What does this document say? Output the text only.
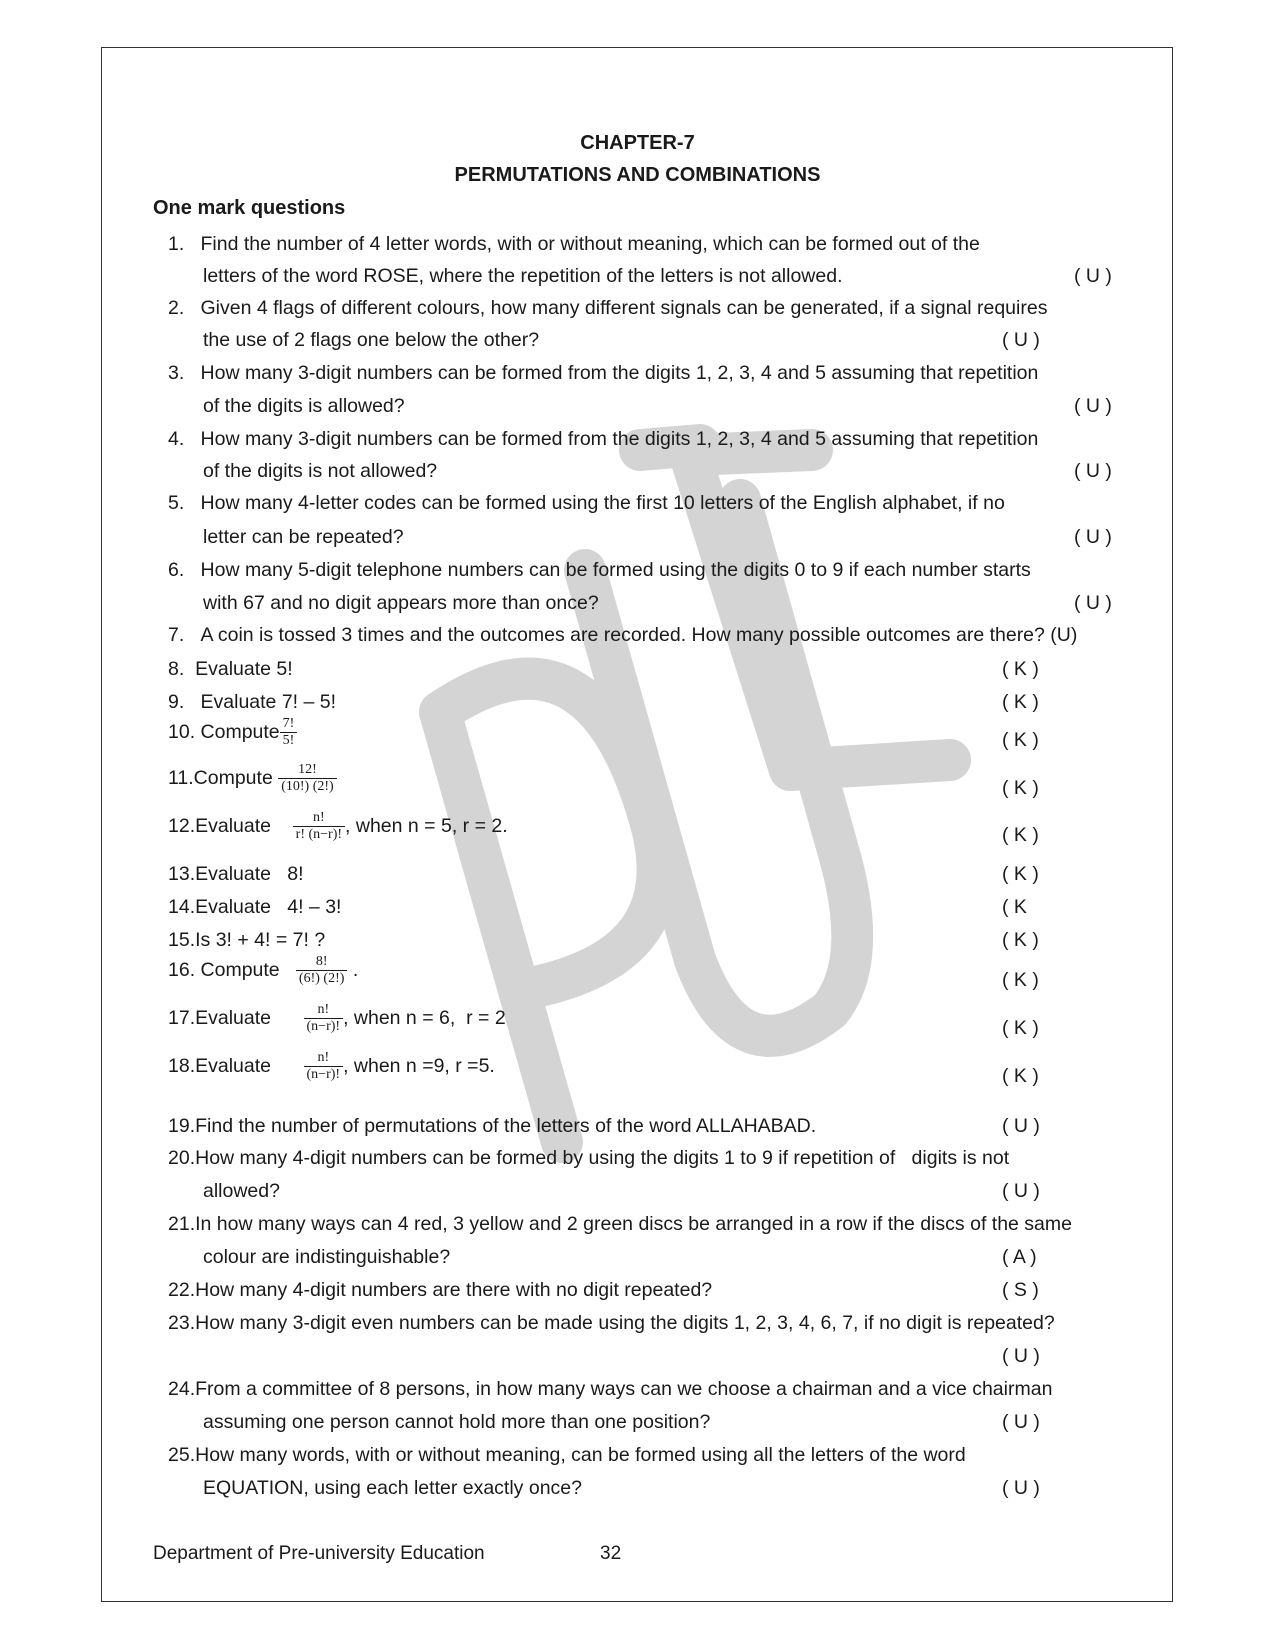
CHAPTER-7
PERMUTATIONS AND COMBINATIONS
One mark questions
1.   Find the number of 4 letter words, with or without meaning, which can be formed out of the
letters of the word ROSE, where the repetition of the letters is not allowed.	( U )
2.   Given 4 flags of different colours, how many different signals can be generated, if a signal requires
the use of 2 flags one below the other?	( U )
3.   How many 3-digit numbers can be formed from the digits 1, 2, 3, 4 and 5 assuming that repetition
of the digits is allowed?	( U )
4.   How many 3-digit numbers can be formed from the digits 1, 2, 3, 4 and 5 assuming that repetition
of the digits is not allowed?	( U )
5.   How many 4-letter codes can be formed using the first 10 letters of the English alphabet, if no
letter can be repeated?	( U )
6.   How many 5-digit telephone numbers can be formed using the digits 0 to 9 if each number starts
with 67 and no digit appears more than once?	( U )
7.   A coin is tossed 3 times and the outcomes are recorded. How many possible outcomes are there? (U)
8.  Evaluate 5!	( K )
9.   Evaluate 7! – 5!	( K )
10. Compute $\frac{7!}{5!}$	( K )
11.Compute $\frac{12!}{(10!) (2!)}$	( K )
12.Evaluate $\frac{n!}{r! (n-r)!}$ , when n = 5, r = 2.	( K )
13.Evaluate   8!	( K )
14.Evaluate   4! – 3!	( K
15.Is 3! + 4! = 7! ?	( K )
16. Compute $\frac{8!}{(6!) (2!)}$ .	( K )
17.Evaluate $\frac{n!}{(n-r)!}$ , when n = 6,  r = 2	( K )
18.Evaluate $\frac{n!}{(n-r)!}$ , when n =9, r =5.	( K )
19.Find the number of permutations of the letters of the word ALLAHABAD.	( U )
20.How many 4-digit numbers can be formed by using the digits 1 to 9 if repetition of   digits is not
allowed?	( U )
21.In how many ways can 4 red, 3 yellow and 2 green discs be arranged in a row if the discs of the same
colour are indistinguishable?	( A )
22.How many 4-digit numbers are there with no digit repeated?	( S )
23.How many 3-digit even numbers can be made using the digits 1, 2, 3, 4, 6, 7, if no digit is repeated?
( U )
24.From a committee of 8 persons, in how many ways can we choose a chairman and a vice chairman
assuming one person cannot hold more than one position?	( U )
25.How many words, with or without meaning, can be formed using all the letters of the word
EQUATION, using each letter exactly once?	( U )
Department of Pre-university Education	32
